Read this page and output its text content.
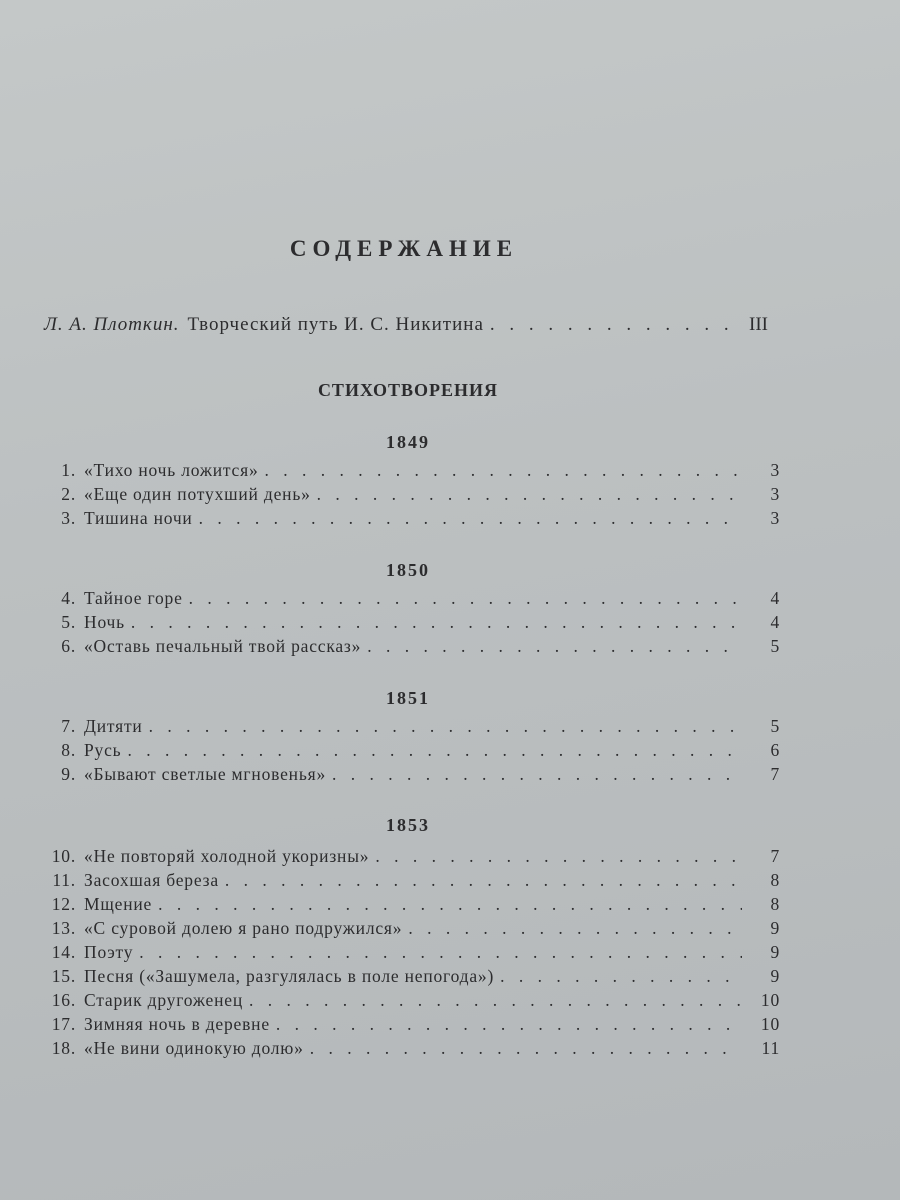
СОДЕРЖАНИЕ
Л. А. Плоткин. Творческий путь И. С. Никитина . . .	III
СТИХОТВОРЕНИЯ
1849
1. «Тихо ночь ложится» . . .	3
2. «Еще один потухший день» . . .	3
3. Тишина ночи . . .	3
1850
4. Тайное горе . . .	4
5. Ночь . . .	4
6. «Оставь печальный твой рассказ» . . .	5
1851
7. Дитяти . . .	5
8. Русь . . .	6
9. «Бывают светлые мгновенья» . . .	7
1853
10. «Не повторяй холодной укоризны» . . .	7
11. Засохшая береза . . .	8
12. Мщение . . .	8
13. «С суровой долею я рано подружился» . . .	9
14. Поэту . . .	9
15. Песня («Зашумела, разгулялась в поле непогода») . . .	9
16. Старик другоженец . . .	10
17. Зимняя ночь в деревне . . .	10
18. «Не вини одинокую долю» . . .	11
